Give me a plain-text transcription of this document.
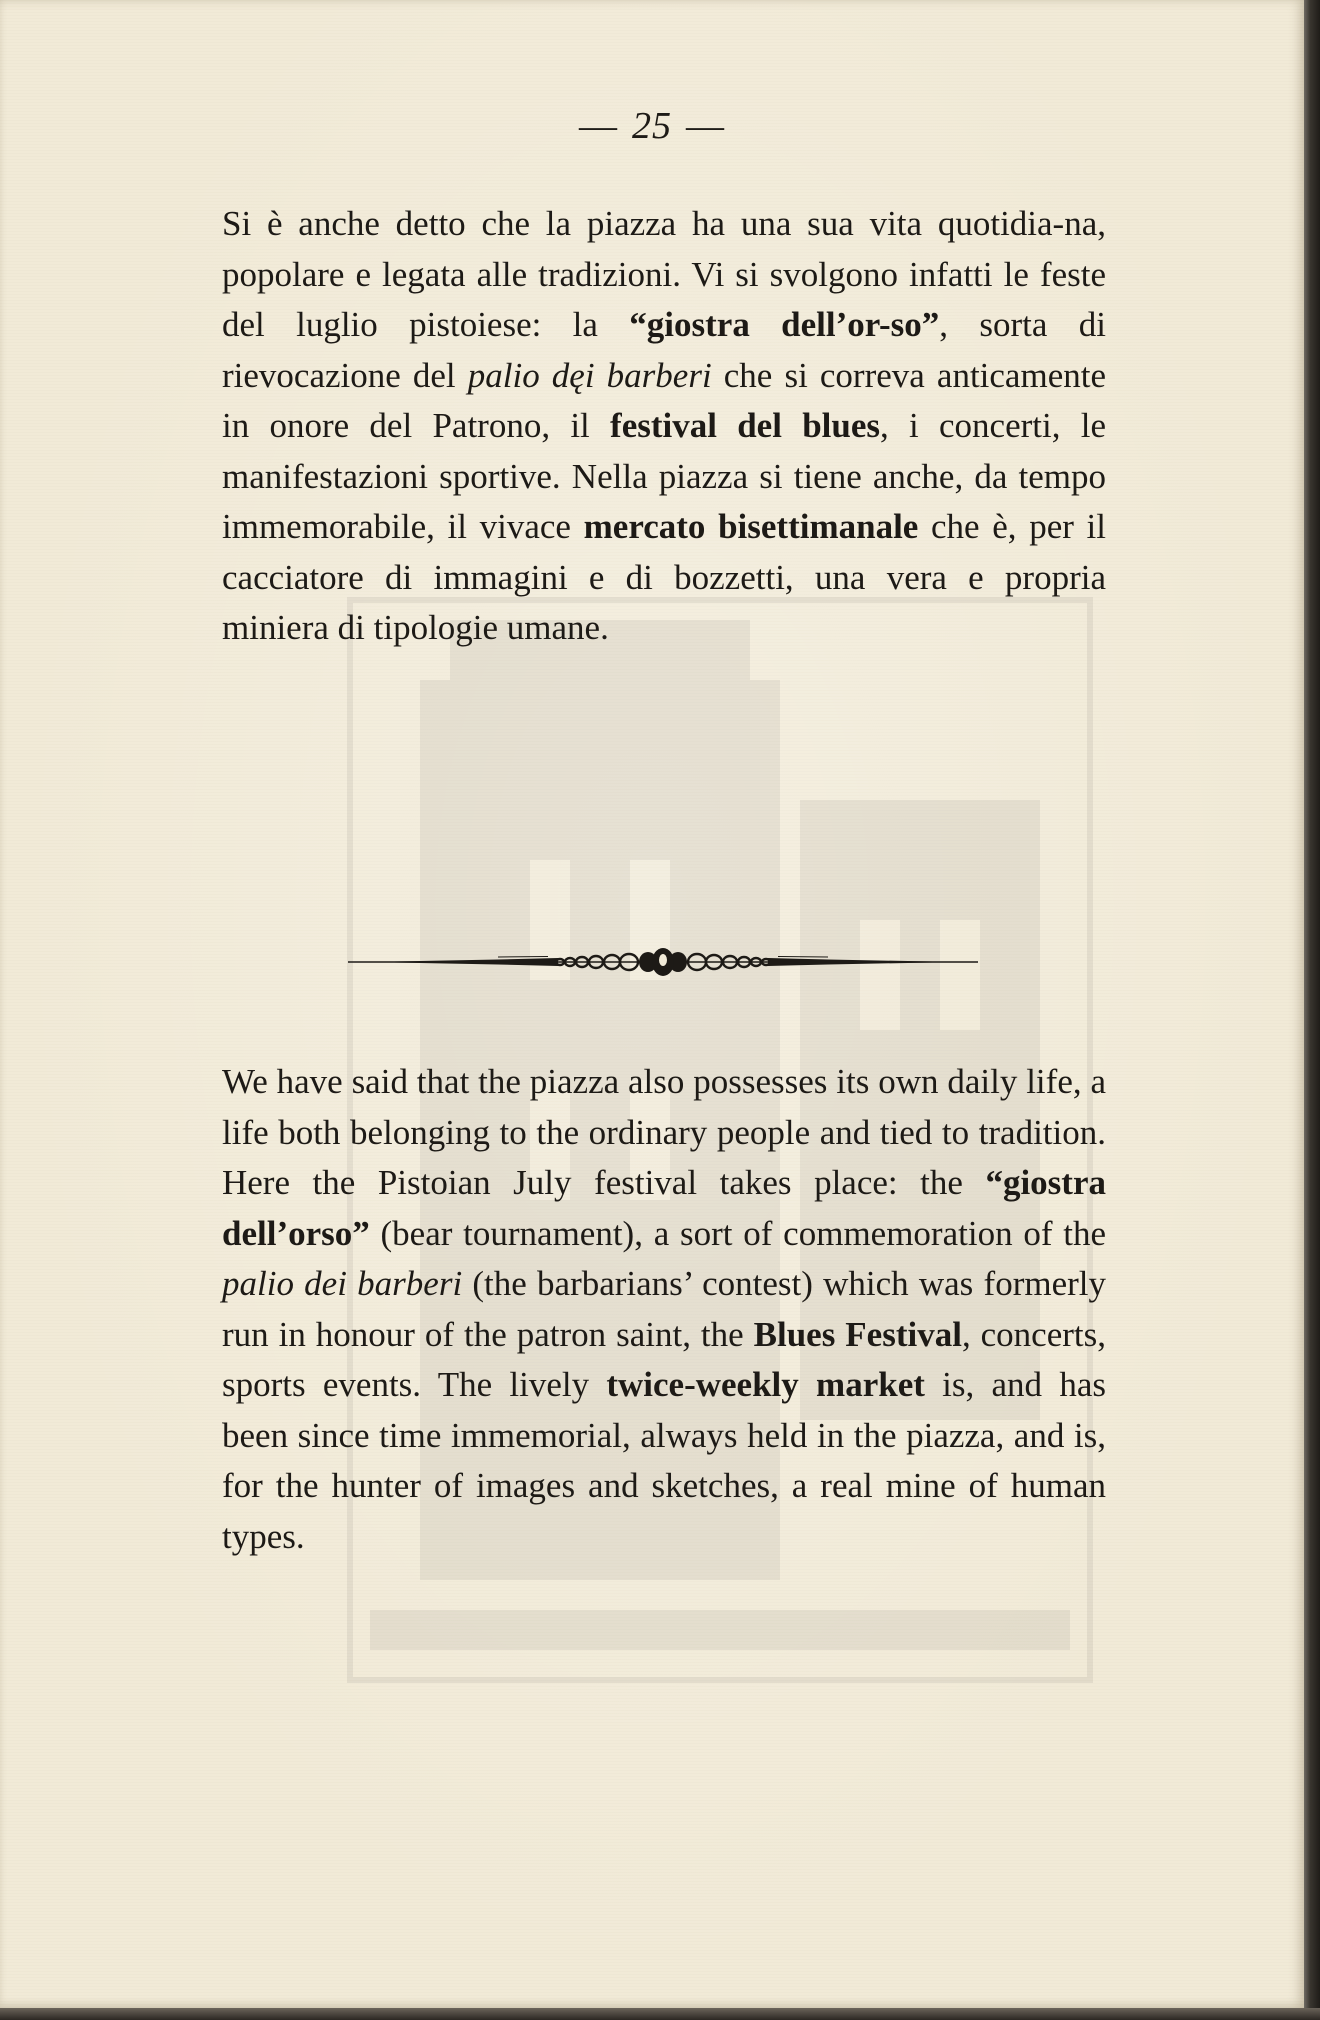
— 25 —

Si è anche detto che la piazza ha una sua vita quotidia-na, popolare e legata alle tradizioni. Vi si svolgono infatti le feste del luglio pistoiese: la “giostra dell’or-so”, sorta di rievocazione del palio dęi barberi che si correva anticamente in onore del Patrono, il festival del blues, i concerti, le manifestazioni sportive. Nella piazza si tiene anche, da tempo immemorabile, il vivace mercato bisettimanale che è, per il cacciatore di immagini e di bozzetti, una vera e propria miniera di tipologie umane.

We have said that the piazza also possesses its own daily life, a life both belonging to the ordinary people and tied to tradition. Here the Pistoian July festival takes place: the “giostra dell’orso” (bear tournament), a sort of commemoration of the palio dei barberi (the barbarians’ contest) which was formerly run in honour of the patron saint, the Blues Festival, concerts, sports events. The lively twice-weekly market is, and has been since time immemorial, always held in the piazza, and is, for the hunter of images and sketches, a real mine of human types.
